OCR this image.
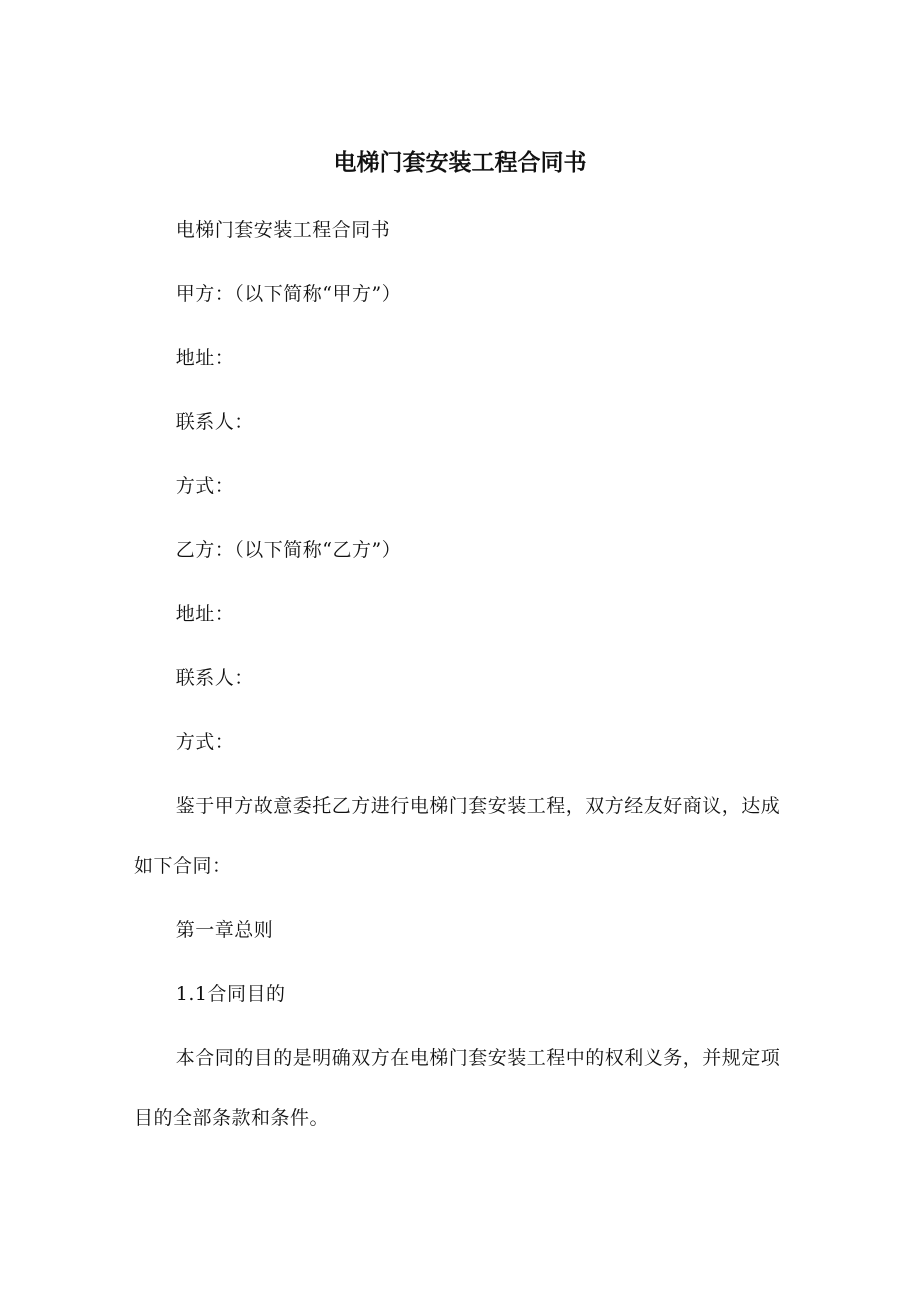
电梯门套安装工程合同书

电梯门套安装工程合同书

甲方：（以下简称“甲方”）

地址：

联系人：

方式：

乙方：（以下简称“乙方”）

地址：

联系人：

方式：

鉴于甲方故意委托乙方进行电梯门套安装工程，双方经友好商议，达成如下合同：

第一章总则

1.1合同目的

本合同的目的是明确双方在电梯门套安装工程中的权利义务，并规定项目的全部条款和条件。
